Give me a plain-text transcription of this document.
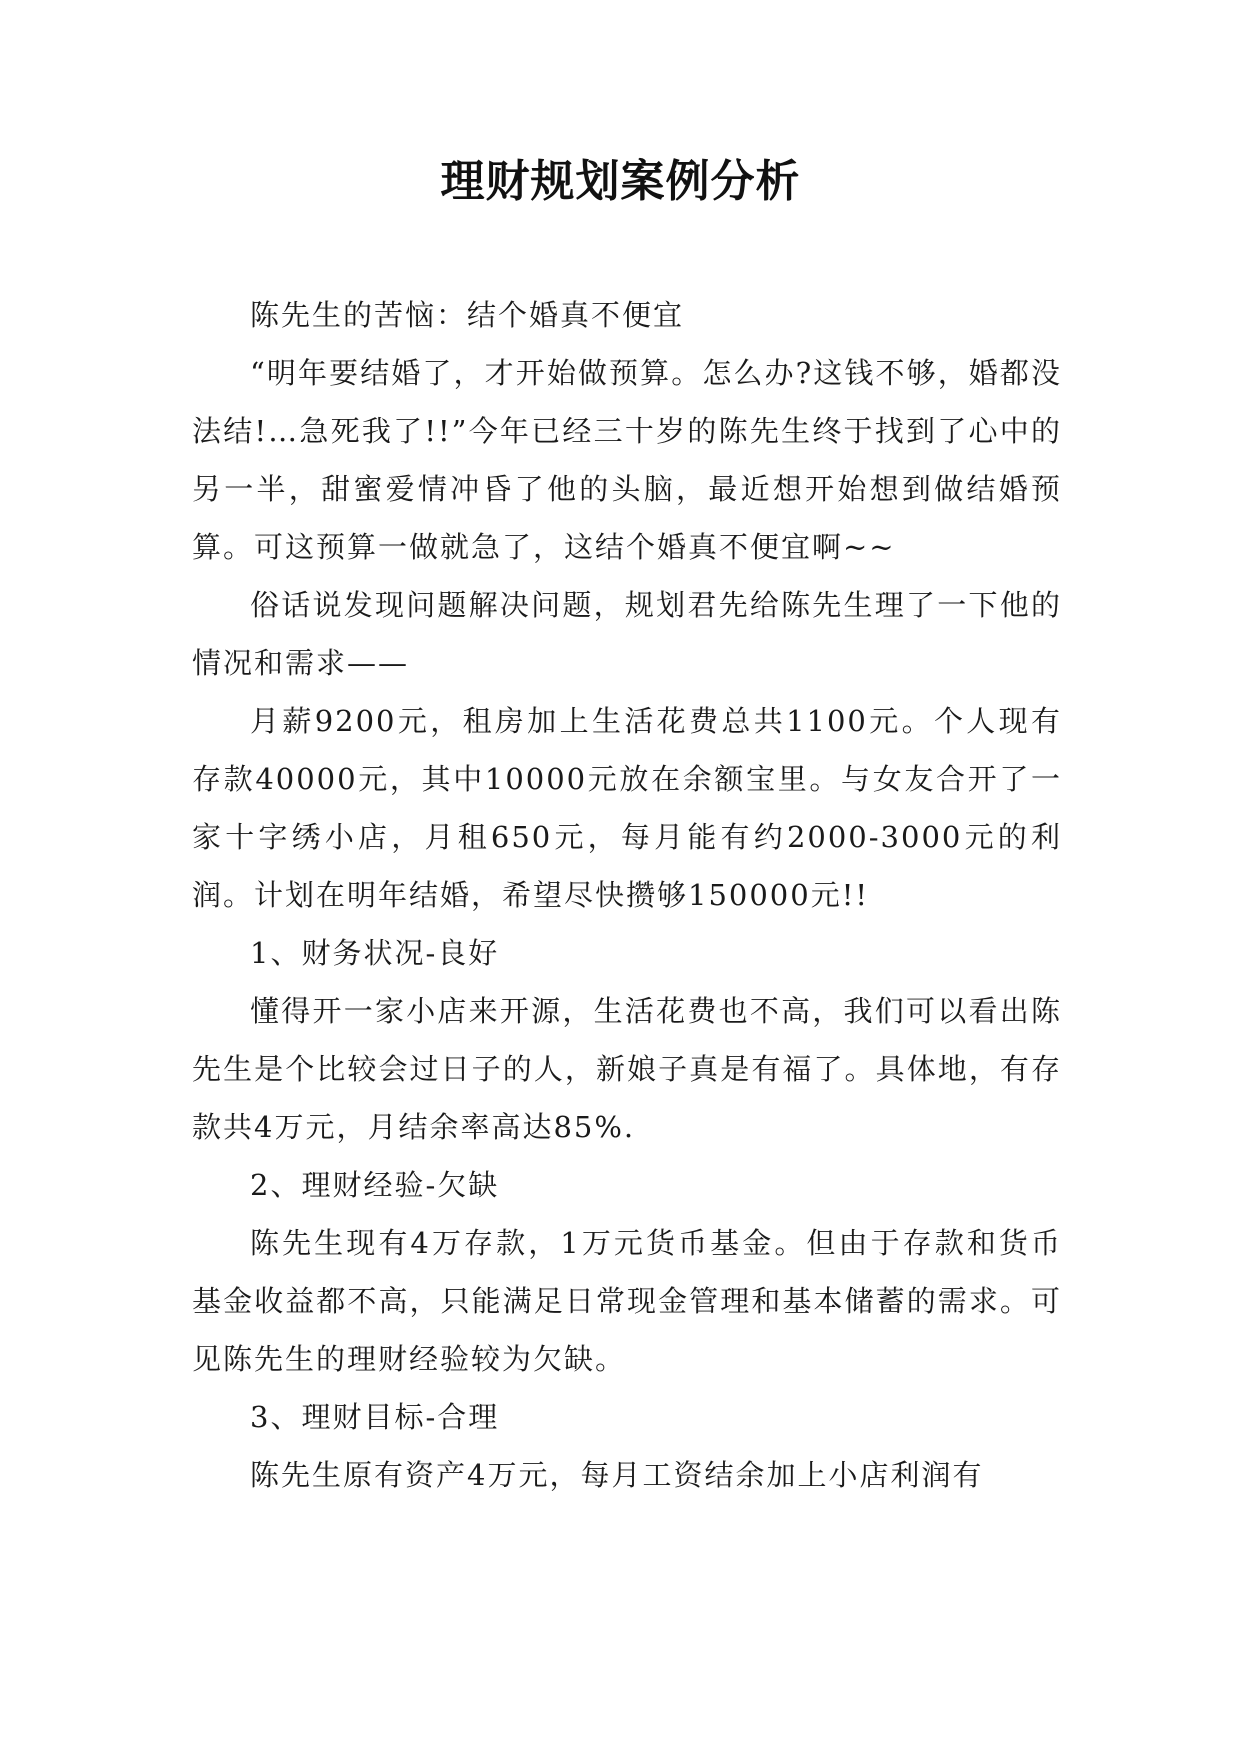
理财规划案例分析

陈先生的苦恼：结个婚真不便宜

“明年要结婚了，才开始做预算。怎么办?这钱不够，婚都没法结!…急死我了!!”今年已经三十岁的陈先生终于找到了心中的另一半，甜蜜爱情冲昏了他的头脑，最近想开始想到做结婚预算。可这预算一做就急了，这结个婚真不便宜啊~~

俗话说发现问题解决问题，规划君先给陈先生理了一下他的情况和需求——

月薪9200元，租房加上生活花费总共1100元。个人现有存款40000元，其中10000元放在余额宝里。与女友合开了一家十字绣小店，月租650元，每月能有约2000-3000元的利润。计划在明年结婚，希望尽快攒够150000元!!

1、财务状况-良好

懂得开一家小店来开源，生活花费也不高，我们可以看出陈先生是个比较会过日子的人，新娘子真是有福了。具体地，有存款共4万元，月结余率高达85%.

2、理财经验-欠缺

陈先生现有4万存款，1万元货币基金。但由于存款和货币基金收益都不高，只能满足日常现金管理和基本储蓄的需求。可见陈先生的理财经验较为欠缺。

3、理财目标-合理

陈先生原有资产4万元，每月工资结余加上小店利润有
